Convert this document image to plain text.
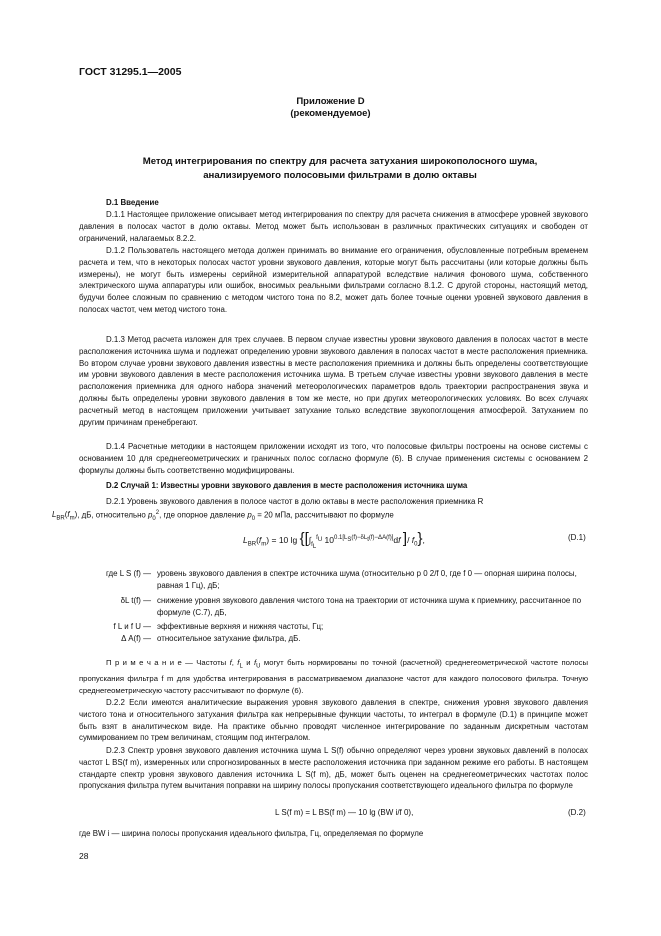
ГОСТ 31295.1—2005
Приложение D
(рекомендуемое)
Метод интегрирования по спектру для расчета затухания широкополосного шума,
анализируемого полосовыми фильтрами в долю октавы
D.1 Введение
D.1.1 Настоящее приложение описывает метод интегрирования по спектру для расчета снижения в атмосфере уровней звукового давления в полосах частот в долю октавы. Метод может быть использован в различных практических ситуациях и свободен от ограничений, налагаемых 8.2.2.
D.1.2 Пользователь настоящего метода должен принимать во внимание его ограничения, обусловленные потребным временем расчета и тем, что в некоторых полосах частот уровни звукового давления, которые могут быть рассчитаны (или которые должны быть измерены), не могут быть измерены серийной измерительной аппаратурой вследствие наличия фонового шума, собственного электрического шума аппаратуры или ошибок, вносимых реальными фильтрами согласно 8.1.2. С другой стороны, настоящий метод, будучи более сложным по сравнению с методом чистого тона по 8.2, может дать более точные оценки уровней звукового давления в полосах частот, чем метод чистого тона.
D.1.3 Метод расчета изложен для трех случаев. В первом случае известны уровни звукового давления в полосах частот в месте расположения источника шума и подлежат определению уровни звукового давления в полосах частот в месте расположения приемника. Во втором случае уровни звукового давления известны в месте расположения приемника и должны быть определены соответствующие им уровни звукового давления в месте расположения источника шума. В третьем случае известны уровни звукового давления в месте расположения приемника для одного набора значений метеорологических параметров вдоль траектории распространения звука и должны быть определены уровни звукового давления в том же месте, но при других метеорологических условиях. Во всех случаях расчетный метод в настоящем приложении учитывает затухание только вследствие звукопоглощения атмосферой. Затуханием по другим причинам пренебрегают.
D.1.4 Расчетные методики в настоящем приложении исходят из того, что полосовые фильтры построены на основе системы с основанием 10 для среднегеометрических и граничных полос согласно формуле (6). В случае применения системы с основанием 2 формулы должны быть соответственно модифицированы.
D.2 Случай 1: Известны уровни звукового давления в месте расположения источника шума
D.2.1 Уровень звукового давления в полосе частот в долю октавы в месте расположения приемника R
$L_{BR}(f_m)$, дБ, относительно $p_0^2$, где опорное давление $p_0 = 20$ мПа, рассчитывают по формуле
$L_{BR}(f_m) = 10$ $\lg \{[\int_{f_L}^{f_U}$ $10^{0.1[L_S(f)-\delta L_t(f)-\Delta A(f)]}df$ ]/ $f_0$},	(D.1)
где L S (f) — уровень звукового давления в спектре источника шума (относительно p 0 2/f 0, где f 0 — опорная ширина полосы, равная 1 Гц), дБ;
δL t(f) — снижение уровня звукового давления чистого тона на траектории от источника шума к приемнику, рассчитанное по формуле (С.7), дБ,
f L и f U — эффективные верхняя и нижняя частоты, Гц;
Δ A(f) — относительное затухание фильтра, дБ.
П р и м е ч а н и е — Частоты f, $f_L$ и $f_U$ могут быть нормированы по точной (расчетной) среднегеометрической частоте полосы пропускания фильтра f m для удобства интегрирования в рассматриваемом диапазоне частот для каждого полосового фильтра. Точную среднегеометрическую частоту рассчитывают по формуле (6).
D.2.2 Если имеются аналитические выражения уровня звукового давления в спектре, снижения уровня звукового давления чистого тона и относительного затухания фильтра как непрерывные функции частоты, то интеграл в формуле (D.1) в принципе может быть взят в аналитическом виде. На практике обычно проводят численное интегрирование по заданным дискретным частотам суммированием по трем величинам, стоящим под интегралом.
D.2.3 Спектр уровня звукового давления источника шума L S(f) обычно определяют через уровни звуковых давлений в полосах частот L BS(f m), измеренных или спрогнозированных в месте расположения источника при заданном режиме его работы. В настоящем стандарте спектр уровня звукового давления источника L S(f m), дБ, может быть оценен на среднегеометрических частотах полос пропускания фильтра путем вычитания поправки на ширину полосы пропускания соответствующего идеального фильтра по формуле
L S(f m) = L BS(f m) — 10 lg (BW i/f 0),	(D.2)
где BW i — ширина полосы пропускания идеального фильтра, Гц, определяемая по формуле
28
